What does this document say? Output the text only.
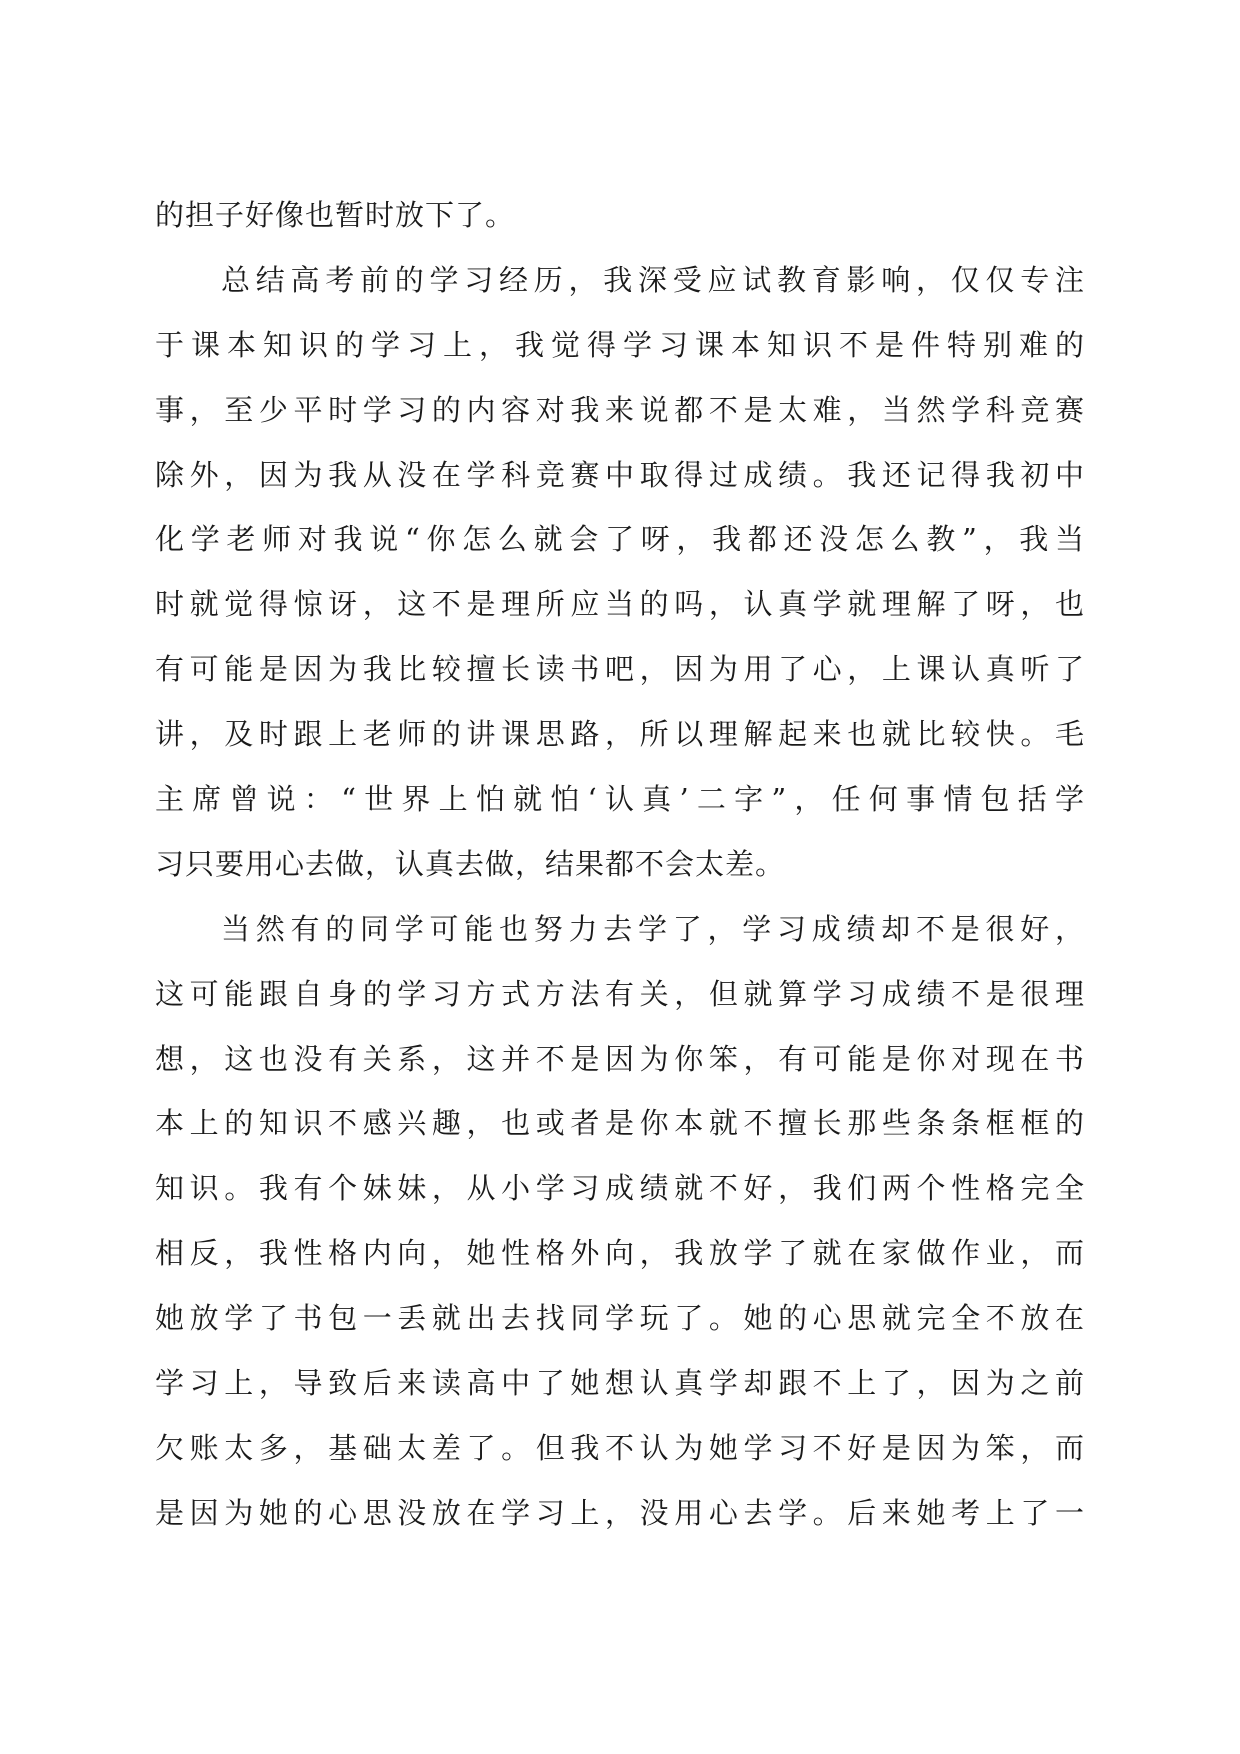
的担子好像也暂时放下了。
总结高考前的学习经历，我深受应试教育影响，仅仅专注
于课本知识的学习上，我觉得学习课本知识不是件特别难的
事，至少平时学习的内容对我来说都不是太难，当然学科竞赛
除外，因为我从没在学科竞赛中取得过成绩。我还记得我初中
化学老师对我说“你怎么就会了呀，我都还没怎么教”，我当
时就觉得惊讶，这不是理所应当的吗，认真学就理解了呀，也
有可能是因为我比较擅长读书吧，因为用了心，上课认真听了
讲，及时跟上老师的讲课思路，所以理解起来也就比较快。毛
主席曾说：“世界上怕就怕‘认真’二字”，任何事情包括学
习只要用心去做，认真去做，结果都不会太差。
当然有的同学可能也努力去学了，学习成绩却不是很好，
这可能跟自身的学习方式方法有关，但就算学习成绩不是很理
想，这也没有关系，这并不是因为你笨，有可能是你对现在书
本上的知识不感兴趣，也或者是你本就不擅长那些条条框框的
知识。我有个妹妹，从小学习成绩就不好，我们两个性格完全
相反，我性格内向，她性格外向，我放学了就在家做作业，而
她放学了书包一丢就出去找同学玩了。她的心思就完全不放在
学习上，导致后来读高中了她想认真学却跟不上了，因为之前
欠账太多，基础太差了。但我不认为她学习不好是因为笨，而
是因为她的心思没放在学习上，没用心去学。后来她考上了一
